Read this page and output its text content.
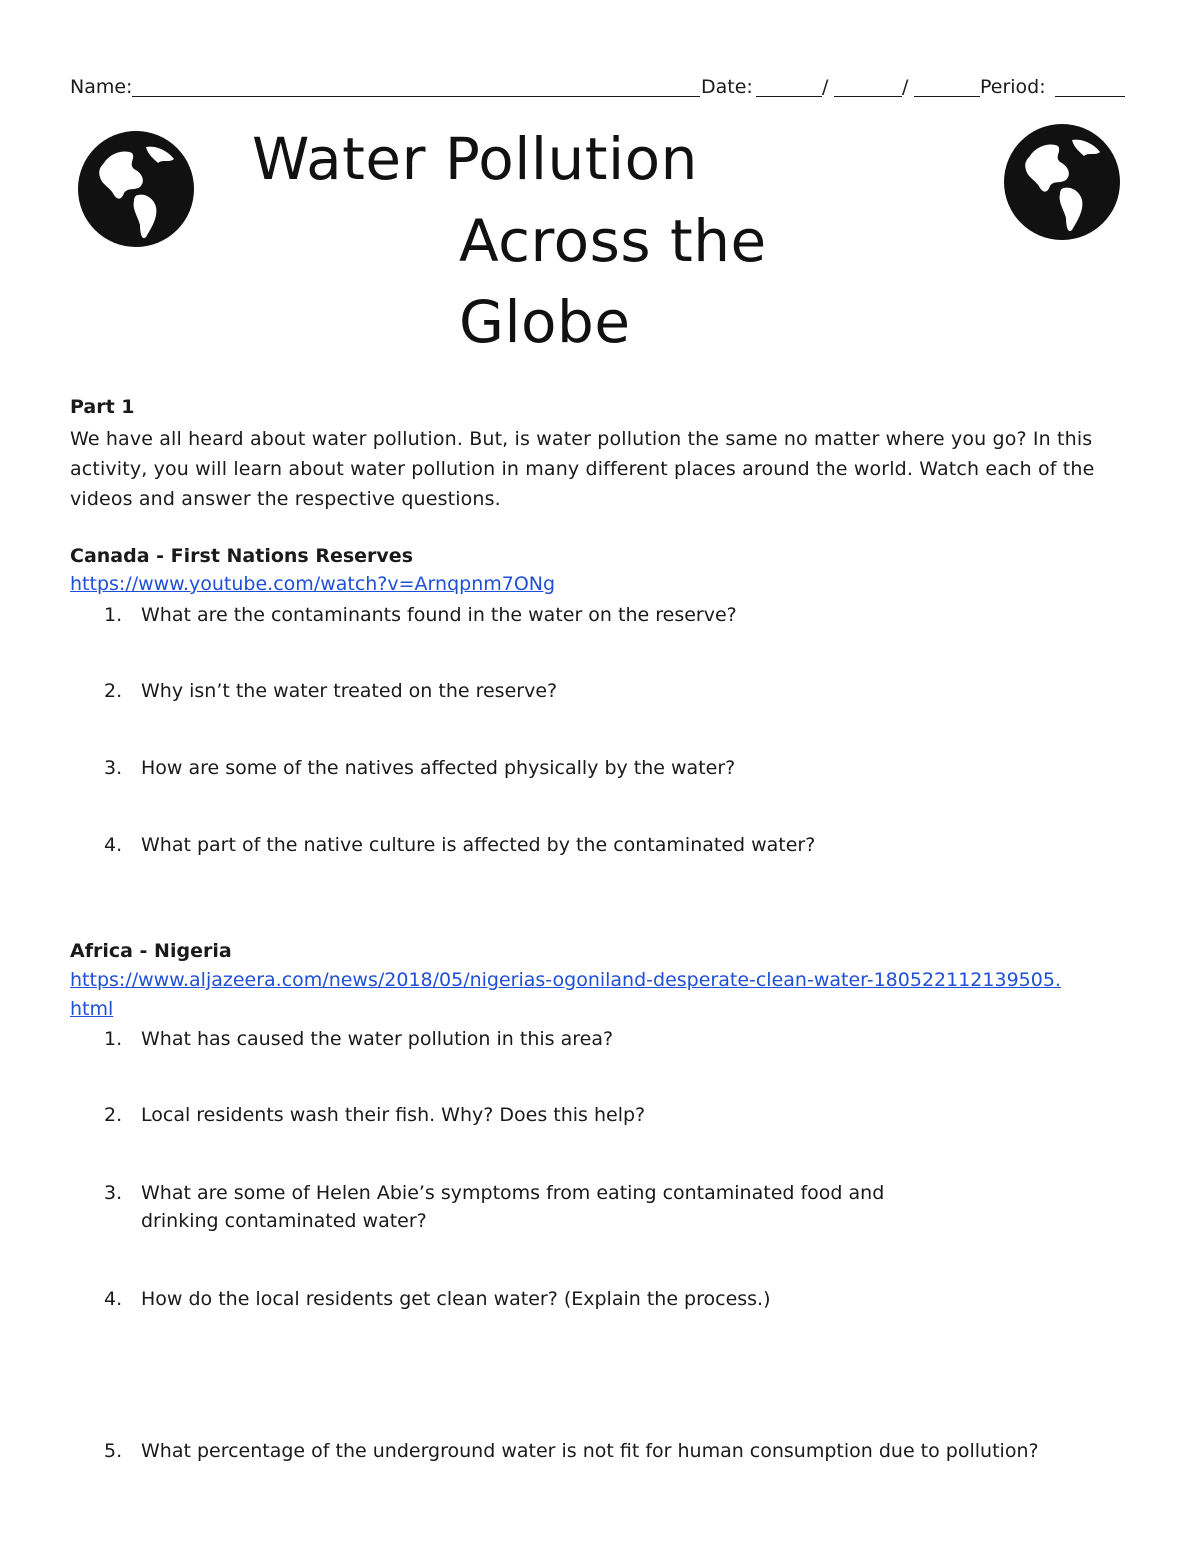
Name:	Date:	/	/	Period:
Water Pollution
Across the
Globe
Part 1
We have all heard about water pollution. But, is water pollution the same no matter where you go? In this activity, you will learn about water pollution in many different places around the world. Watch each of the videos and answer the respective questions.
Canada - First Nations Reserves
https://www.youtube.com/watch?v=Arnqpnm7ONg
1. What are the contaminants found in the water on the reserve?
2. Why isn’t the water treated on the reserve?
3. How are some of the natives affected physically by the water?
4. What part of the native culture is affected by the contaminated water?
Africa - Nigeria
https://www.aljazeera.com/news/2018/05/nigerias-ogoniland-desperate-clean-water-180522112139505.
html
1. What has caused the water pollution in this area?
2. Local residents wash their fish. Why? Does this help?
3. What are some of Helen Abie’s symptoms from eating contaminated food and
drinking contaminated water?
4. How do the local residents get clean water? (Explain the process.)
5. What percentage of the underground water is not fit for human consumption due to pollution?
